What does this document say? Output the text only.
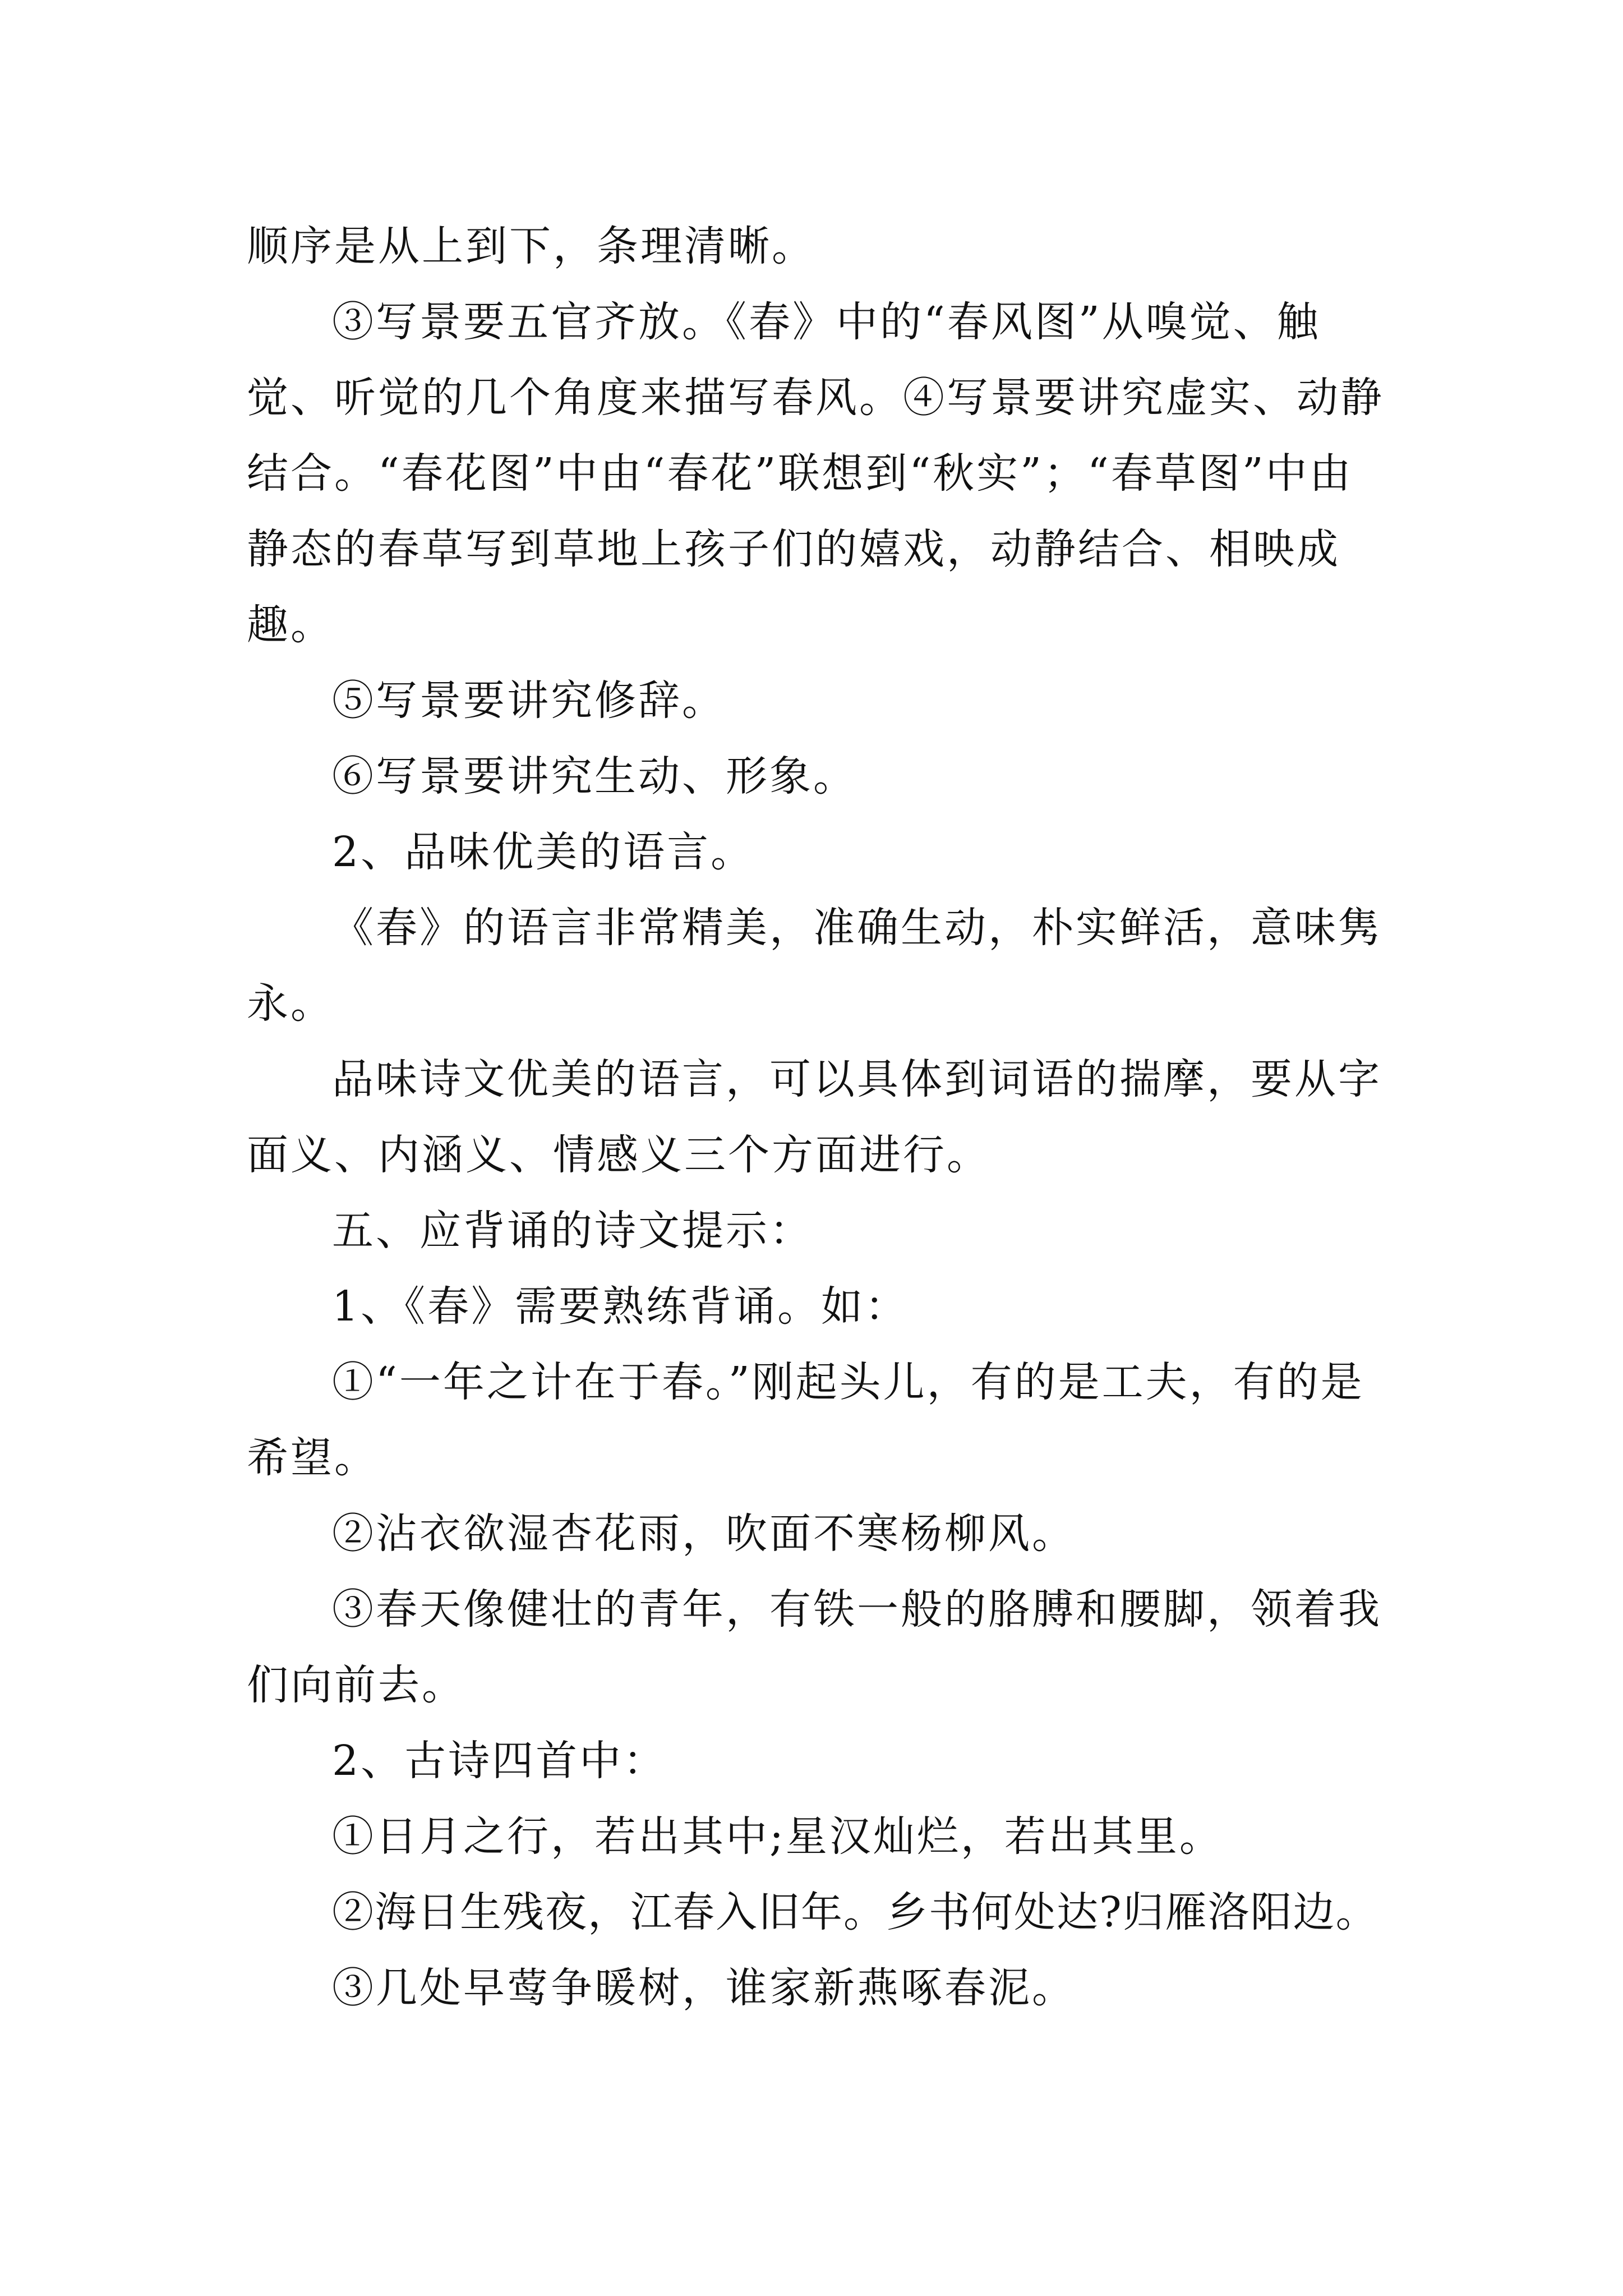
顺序是从上到下，条理清晰。

③写景要五官齐放。《春》中的“春风图”从嗅觉、触觉、听觉的几个角度来描写春风。④写景要讲究虚实、动静结合。“春花图”中由“春花”联想到“秋实”；“春草图”中由静态的春草写到草地上孩子们的嬉戏，动静结合、相映成趣。

⑤写景要讲究修辞。

⑥写景要讲究生动、形象。

2、品味优美的语言。

《春》的语言非常精美，准确生动，朴实鲜活，意味隽永。

品味诗文优美的语言，可以具体到词语的揣摩，要从字面义、内涵义、情感义三个方面进行。

五、应背诵的诗文提示：

1、《春》需要熟练背诵。如：

①“一年之计在于春。”刚起头儿，有的是工夫，有的是希望。

②沾衣欲湿杏花雨，吹面不寒杨柳风。

③春天像健壮的青年，有铁一般的胳膊和腰脚，领着我们向前去。

2、古诗四首中：

①日月之行，若出其中;星汉灿烂，若出其里。

②海日生残夜，江春入旧年。乡书何处达?归雁洛阳边。

③几处早莺争暖树，谁家新燕啄春泥。
